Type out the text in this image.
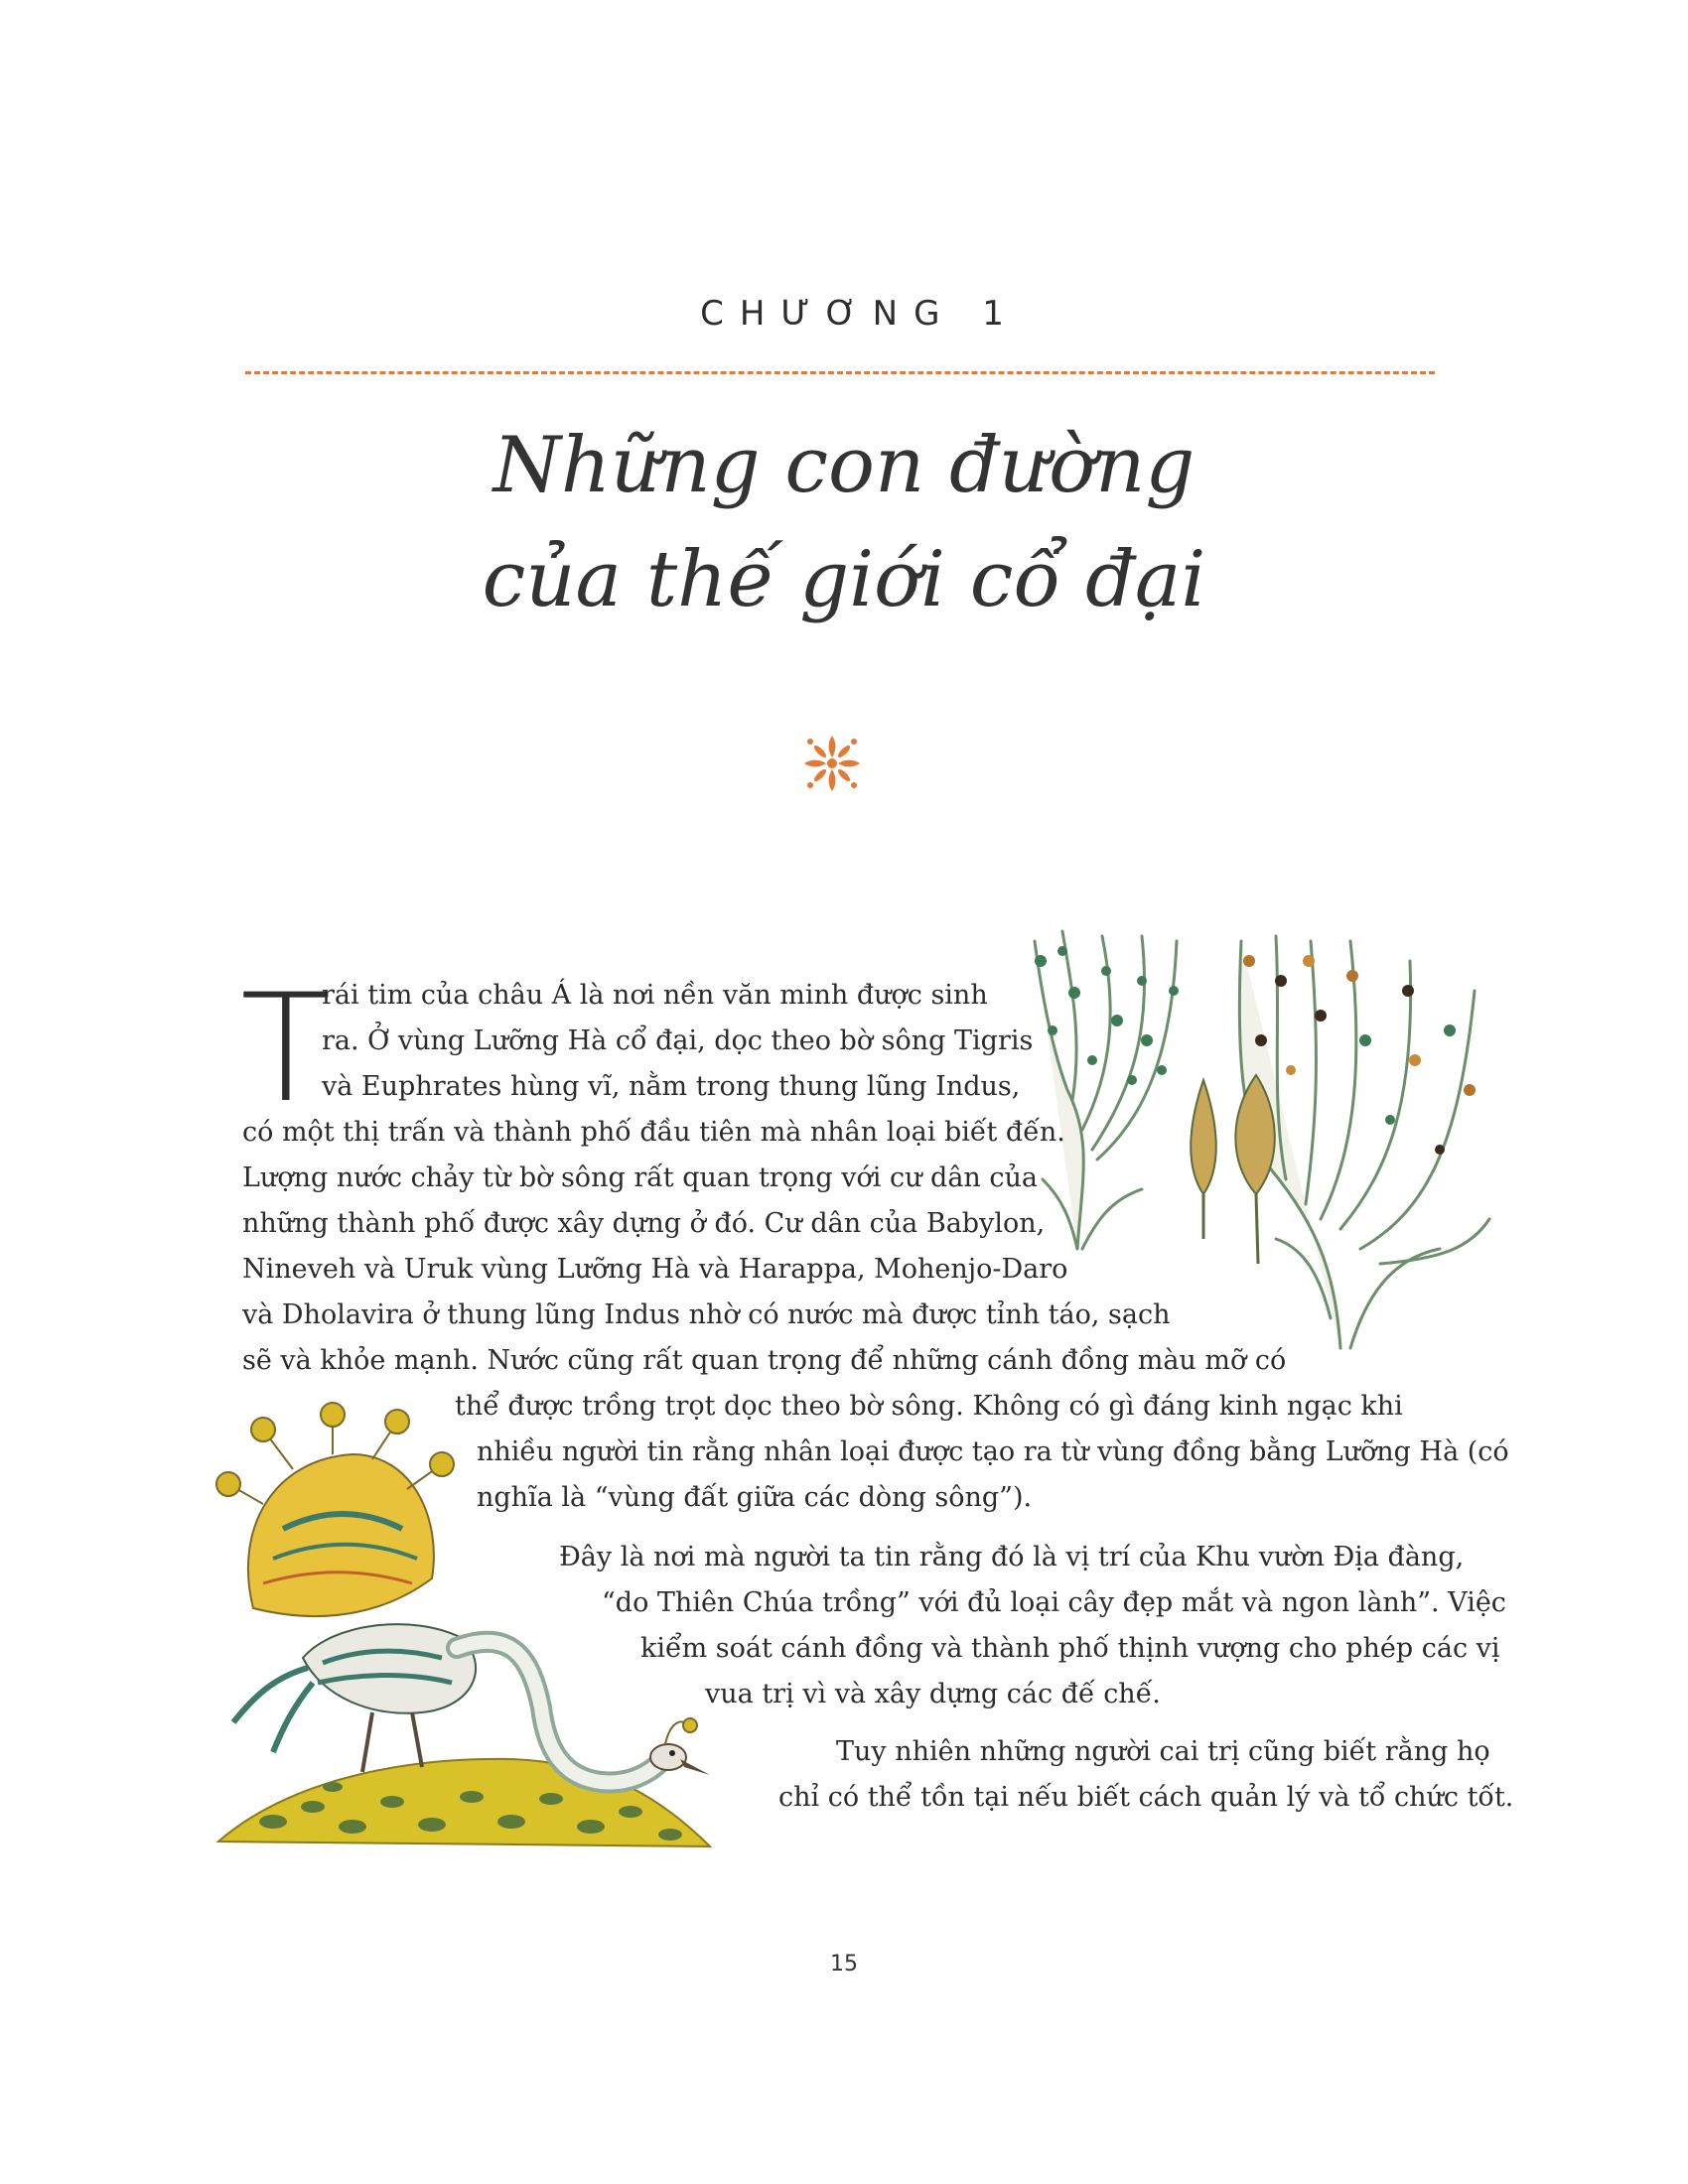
CHƯƠNG 1
Những con đường
của thế giới cổ đại
T
rái tim của châu Á là nơi nền văn minh được sinh
ra. Ở vùng Lưỡng Hà cổ đại, dọc theo bờ sông Tigris
và Euphrates hùng vĩ, nằm trong thung lũng Indus,
có một thị trấn và thành phố đầu tiên mà nhân loại biết đến.
Lượng nước chảy từ bờ sông rất quan trọng với cư dân của
những thành phố được xây dựng ở đó. Cư dân của Babylon,
Nineveh và Uruk vùng Lưỡng Hà và Harappa, Mohenjo-Daro
và Dholavira ở thung lũng Indus nhờ có nước mà được tỉnh táo, sạch
sẽ và khỏe mạnh. Nước cũng rất quan trọng để những cánh đồng màu mỡ có
thể được trồng trọt dọc theo bờ sông. Không có gì đáng kinh ngạc khi
nhiều người tin rằng nhân loại được tạo ra từ vùng đồng bằng Lưỡng Hà (có
nghĩa là “vùng đất giữa các dòng sông”).
Đây là nơi mà người ta tin rằng đó là vị trí của Khu vườn Địa đàng,
“do Thiên Chúa trồng” với đủ loại cây đẹp mắt và ngon lành”. Việc
kiểm soát cánh đồng và thành phố thịnh vượng cho phép các vị
vua trị vì và xây dựng các đế chế.
Tuy nhiên những người cai trị cũng biết rằng họ
chỉ có thể tồn tại nếu biết cách quản lý và tổ chức tốt.
15
